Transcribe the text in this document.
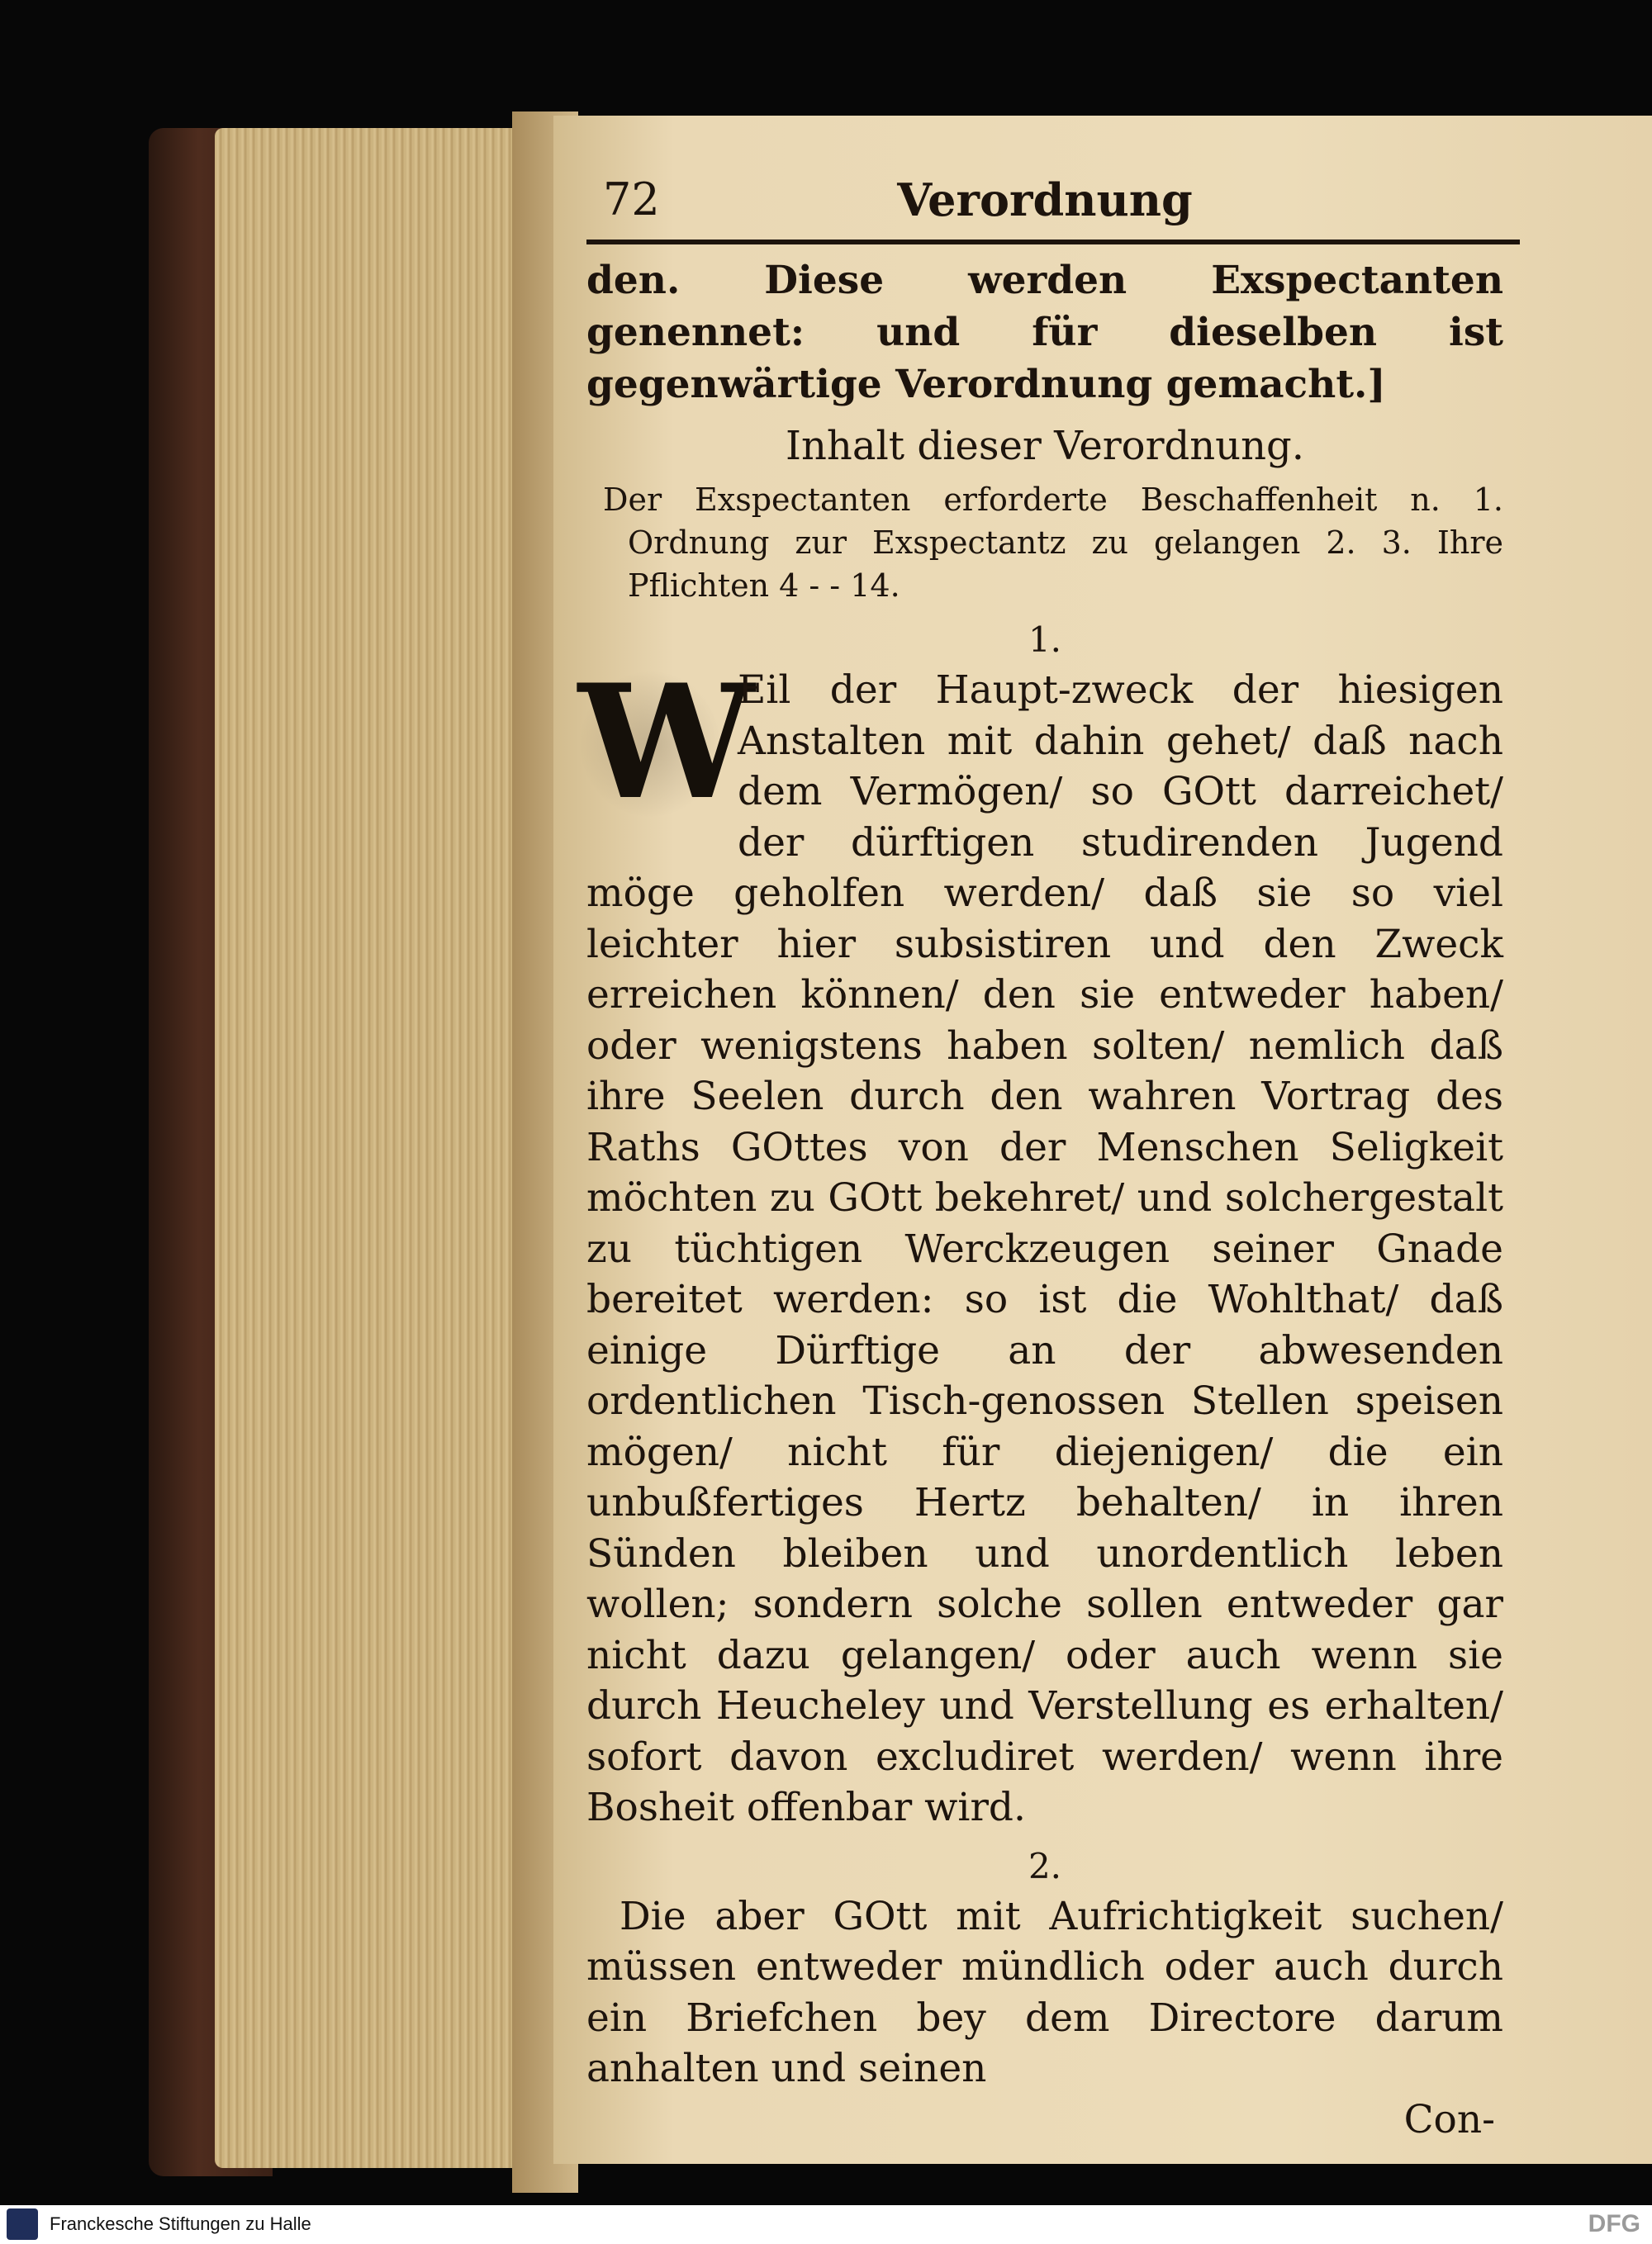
72	Verordnung

den. Diese werden Exspectanten genennet: und für dieselben ist gegenwärtige Verordnung gemacht.]

Inhalt dieser Verordnung.

Der Exspectanten erforderte Beschaffenheit n. 1. Ordnung zur Exspectantz zu gelangen 2. 3. Ihre Pflichten 4 - - 14.

1.
W

Eil der Haupt-zweck der hiesigen Anstalten mit dahin gehet/ daß nach dem Vermögen/ so GOtt darreichet/ der dürftigen studirenden Jugend möge geholfen werden/ daß sie so viel leichter hier subsistiren und den Zweck erreichen können/ den sie entweder haben/ oder wenigstens haben solten/ nemlich daß ihre Seelen durch den wahren Vortrag des Raths GOttes von der Menschen Seligkeit möchten zu GOtt bekehret/ und solchergestalt zu tüchtigen Werckzeugen seiner Gnade bereitet werden: so ist die Wohlthat/ daß einige Dürftige an der abwesenden ordentlichen Tisch-genossen Stellen speisen mögen/ nicht für diejenigen/ die ein unbußfertiges Hertz behalten/ in ihren Sünden bleiben und unordentlich leben wollen; sondern solche sollen entweder gar nicht dazu gelangen/ oder auch wenn sie durch Heucheley und Verstellung es erhalten/ sofort davon excludiret werden/ wenn ihre Bosheit offenbar wird.

2.

Die aber GOtt mit Aufrichtigkeit suchen/ müssen entweder mündlich oder auch durch ein Briefchen bey dem Directore darum anhalten und seinen

Con-
Franckesche Stiftungen zu Halle	DFG
